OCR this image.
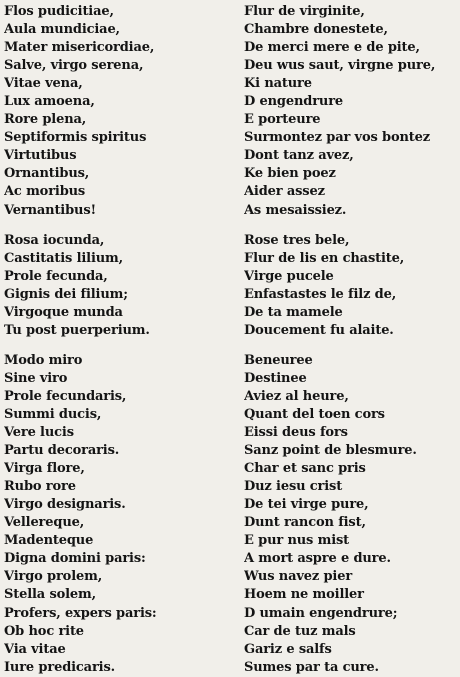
Flos pudicitiae,
Aula mundiciae,
Mater misericordiae,
Salve, virgo serena,
Vitae vena,
Lux amoena,
Rore plena,
Septiformis spiritus
Virtutibus
Ornantibus,
Ac moribus
Vernantibus!
Rosa iocunda,
Castitatis lilium,
Prole fecunda,
Gignis dei filium;
Virgoque munda
Tu post puerperium.
Modo miro
Sine viro
Prole fecundaris,
Summi ducis,
Vere lucis
Partu decoraris.
Virga flore,
Rubo rore
Virgo designaris.
Vellereque,
Madenteque
Digna domini paris:
Virgo prolem,
Stella solem,
Profers, expers paris:
Ob hoc rite
Via vitae
Iure predicaris.
Flur de virginite,
Chambre donestete,
De merci mere e de pite,
Deu wus saut, virgne pure,
Ki nature
D engendrure
E porteure
Surmontez par vos bontez
Dont tanz avez,
Ke bien poez
Aider assez
As mesaissiez.
Rose tres bele,
Flur de lis en chastite,
Virge pucele
Enfastastes le filz de,
De ta mamele
Doucement fu alaite.
Beneuree
Destinee
Aviez al heure,
Quant del toen cors
Eissi deus fors
Sanz point de blesmure.
Char et sanc pris
Duz iesu crist
De tei virge pure,
Dunt rancon fist,
E pur nus mist
A mort aspre e dure.
Wus navez pier
Hoem ne moiller
D umain engendrure;
Car de tuz mals
Gariz e salfs
Sumes par ta cure.
